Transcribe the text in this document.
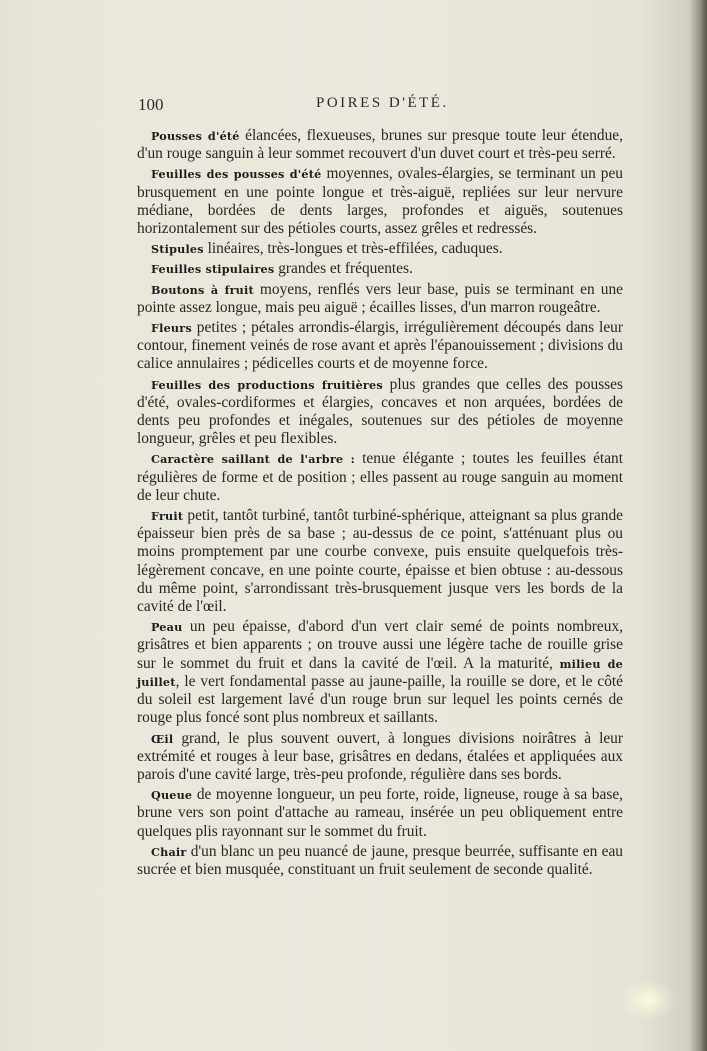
100	POIRES D'ÉTÉ.

Pousses d'été élancées, flexueuses, brunes sur presque toute leur étendue, d'un rouge sanguin à leur sommet recouvert d'un duvet court et très-peu serré.

Feuilles des pousses d'été moyennes, ovales-élargies, se terminant un peu brusquement en une pointe longue et très-aiguë, repliées sur leur nervure médiane, bordées de dents larges, profondes et aiguës, soutenues horizontalement sur des pétioles courts, assez grêles et redressés.

Stipules linéaires, très-longues et très-effilées, caduques.

Feuilles stipulaires grandes et fréquentes.

Boutons à fruit moyens, renflés vers leur base, puis se terminant en une pointe assez longue, mais peu aiguë ; écailles lisses, d'un marron rougeâtre.

Fleurs petites ; pétales arrondis-élargis, irrégulièrement découpés dans leur contour, finement veinés de rose avant et après l'épanouissement ; divisions du calice annulaires ; pédicelles courts et de moyenne force.

Feuilles des productions fruitières plus grandes que celles des pousses d'été, ovales-cordiformes et élargies, concaves et non arquées, bordées de dents peu profondes et inégales, soutenues sur des pétioles de moyenne longueur, grêles et peu flexibles.

Caractère saillant de l'arbre : tenue élégante ; toutes les feuilles étant régulières de forme et de position ; elles passent au rouge sanguin au moment de leur chute.

Fruit petit, tantôt turbiné, tantôt turbiné-sphérique, atteignant sa plus grande épaisseur bien près de sa base ; au-dessus de ce point, s'atténuant plus ou moins promptement par une courbe convexe, puis ensuite quelquefois très-légèrement concave, en une pointe courte, épaisse et bien obtuse : au-dessous du même point, s'arrondissant très-brusquement jusque vers les bords de la cavité de l'œil.

Peau un peu épaisse, d'abord d'un vert clair semé de points nombreux, grisâtres et bien apparents ; on trouve aussi une légère tache de rouille grise sur le sommet du fruit et dans la cavité de l'œil. A la maturité, milieu de juillet, le vert fondamental passe au jaune-paille, la rouille se dore, et le côté du soleil est largement lavé d'un rouge brun sur lequel les points cernés de rouge plus foncé sont plus nombreux et saillants.

Œil grand, le plus souvent ouvert, à longues divisions noirâtres à leur extrémité et rouges à leur base, grisâtres en dedans, étalées et appliquées aux parois d'une cavité large, très-peu profonde, régulière dans ses bords.

Queue de moyenne longueur, un peu forte, roide, ligneuse, rouge à sa base, brune vers son point d'attache au rameau, insérée un peu obliquement entre quelques plis rayonnant sur le sommet du fruit.

Chair d'un blanc un peu nuancé de jaune, presque beurrée, suffisante en eau sucrée et bien musquée, constituant un fruit seulement de seconde qualité.
